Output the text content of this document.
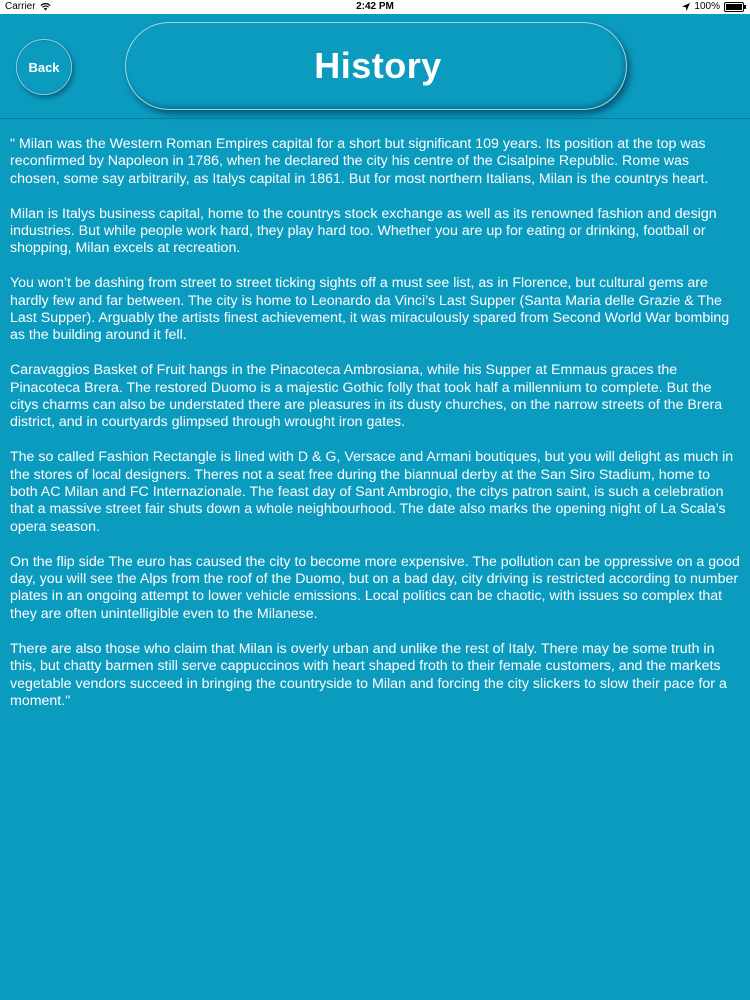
Carrier	2:42 PM	100%
Back	History

" Milan was the Western Roman Empires capital for a short but significant 109 years. Its position at the top was reconfirmed by Napoleon in 1786, when he declared the city his centre of the Cisalpine Republic. Rome was chosen, some say arbitrarily, as Italys capital in 1861. But for most northern Italians, Milan is the countrys heart.

Milan is Italys business capital, home to the countrys stock exchange as well as its renowned fashion and design industries. But while people work hard, they play hard too. Whether you are up for eating or drinking, football or shopping, Milan excels at recreation.

You won’t be dashing from street to street ticking sights off a must see list, as in Florence, but cultural gems are hardly few and far between. The city is home to Leonardo da Vinci’s Last Supper (Santa Maria delle Grazie & The Last Supper). Arguably the artists finest achievement, it was miraculously spared from Second World War bombing as the building around it fell.

Caravaggios Basket of Fruit hangs in the Pinacoteca Ambrosiana, while his Supper at Emmaus graces the Pinacoteca Brera. The restored Duomo is a majestic Gothic folly that took half a millennium to complete. But the citys charms can also be understated there are pleasures in its dusty churches, on the narrow streets of the Brera district, and in courtyards glimpsed through wrought iron gates.

The so called Fashion Rectangle is lined with D & G, Versace and Armani boutiques, but you will delight as much in the stores of local designers. Theres not a seat free during the biannual derby at the San Siro Stadium, home to both AC Milan and FC Internazionale. The feast day of Sant Ambrogio, the citys patron saint, is such a celebration that a massive street fair shuts down a whole neighbourhood. The date also marks the opening night of La Scala’s opera season.

On the flip side The euro has caused the city to become more expensive. The pollution can be oppressive on a good day, you will see the Alps from the roof of the Duomo, but on a bad day, city driving is restricted according to number plates in an ongoing attempt to lower vehicle emissions. Local politics can be chaotic, with issues so complex that they are often unintelligible even to the Milanese.

There are also those who claim that Milan is overly urban and unlike the rest of Italy. There may be some truth in this, but chatty barmen still serve cappuccinos with heart shaped froth to their female customers, and the markets vegetable vendors succeed in bringing the countryside to Milan and forcing the city slickers to slow their pace for a moment."
